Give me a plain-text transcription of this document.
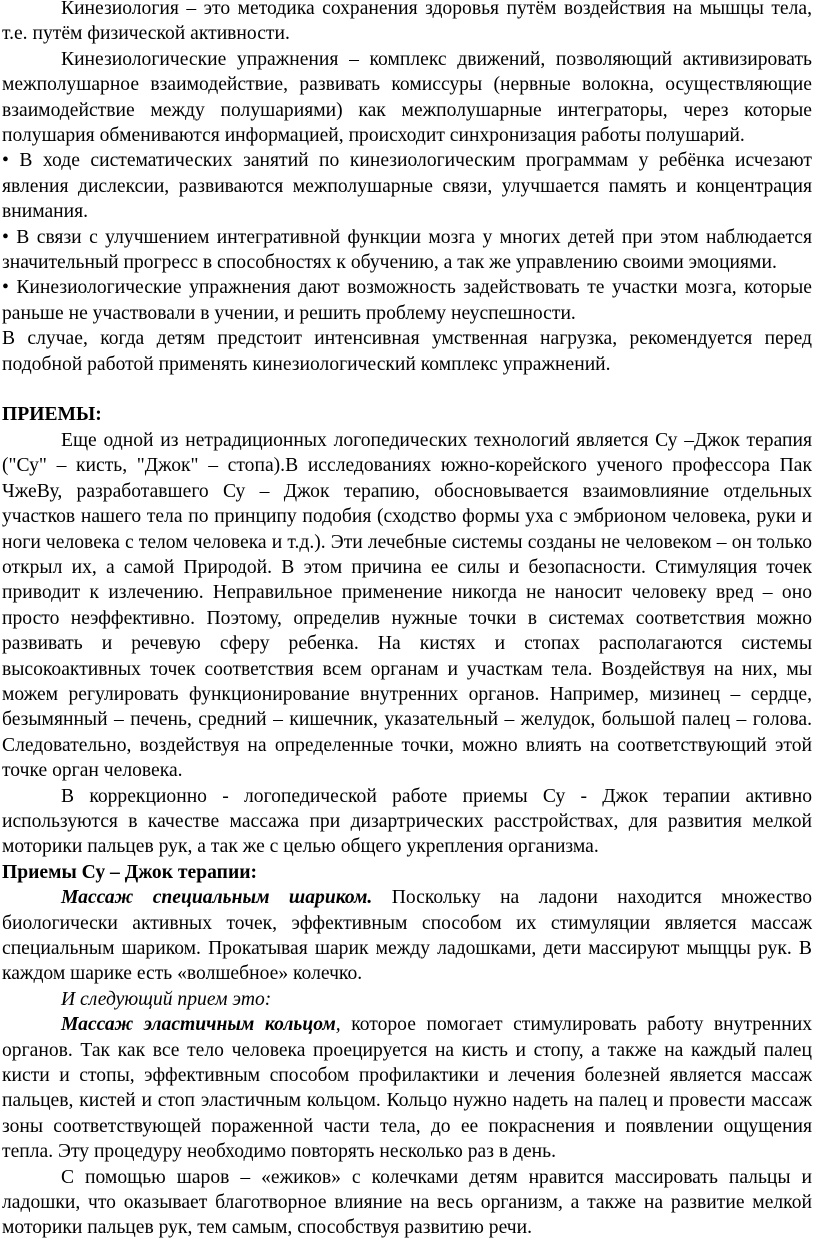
Кинезиология – это методика сохранения здоровья путём воздействия на мышцы тела, т.е. путём физической активности.

Кинезиологические упражнения – комплекс движений, позволяющий активизировать межполушарное взаимодействие, развивать комиссуры (нервные волокна, осуществляющие взаимодействие между полушариями) как межполушарные интеграторы, через которые полушария обмениваются информацией, происходит синхронизация работы полушарий.

• В ходе систематических занятий по кинезиологическим программам у ребёнка исчезают явления дислексии, развиваются межполушарные связи, улучшается память и концентрация внимания.

• В связи с улучшением интегративной функции мозга у многих детей при этом наблюдается значительный прогресс в способностях к обучению, а так же управлению своими эмоциями.

• Кинезиологические упражнения дают возможность задействовать те участки мозга, которые раньше не участвовали в учении, и решить проблему неуспешности.

В случае, когда детям предстоит интенсивная умственная нагрузка, рекомендуется перед подобной работой применять кинезиологический комплекс упражнений.

ПРИЕМЫ:

Еще одной из нетрадиционных логопедических технологий является Су –Джок терапия ("Су" – кисть, "Джок" – стопа).В исследованиях южно-корейского ученого профессора Пак ЧжеВу, разработавшего Су – Джок терапию, обосновывается взаимовлияние отдельных участков нашего тела по принципу подобия (сходство формы уха с эмбрионом человека, руки и ноги человека с телом человека и т.д.). Эти лечебные системы созданы не человеком – он только открыл их, а самой Природой. В этом причина ее силы и безопасности. Стимуляция точек приводит к излечению. Неправильное применение никогда не наносит человеку вред – оно просто неэффективно. Поэтому, определив нужные точки в системах соответствия можно развивать и речевую сферу ребенка. На кистях и стопах располагаются системы высокоактивных точек соответствия всем органам и участкам тела. Воздействуя на них, мы можем регулировать функционирование внутренних органов. Например, мизинец – сердце, безымянный – печень, средний – кишечник, указательный – желудок, большой палец – голова. Следовательно, воздействуя на определенные точки, можно влиять на соответствующий этой точке орган человека.

В коррекционно - логопедической работе приемы Су - Джок терапии активно используются в качестве массажа при дизартрических расстройствах, для развития мелкой моторики пальцев рук, а так же с целью общего укрепления организма.

Приемы Су – Джок терапии:

Массаж специальным шариком. Поскольку на ладони находится множество биологически активных точек, эффективным способом их стимуляции является массаж специальным шариком. Прокатывая шарик между ладошками, дети массируют мыщцы рук. В каждом шарике есть «волшебное» колечко.

И следующий прием это:

Массаж эластичным кольцом, которое помогает стимулировать работу внутренних органов. Так как все тело человека проецируется на кисть и стопу, а также на каждый палец кисти и стопы, эффективным способом профилактики и лечения болезней является массаж пальцев, кистей и стоп эластичным кольцом. Кольцо нужно надеть на палец и провести массаж зоны соответствующей пораженной части тела, до ее покраснения и появлении ощущения тепла. Эту процедуру необходимо повторять несколько раз в день.

С помощью шаров – «ежиков» с колечками детям нравится массировать пальцы и ладошки, что оказывает благотворное влияние на весь организм, а также на развитие мелкой моторики пальцев рук, тем самым, способствуя развитию речи.
